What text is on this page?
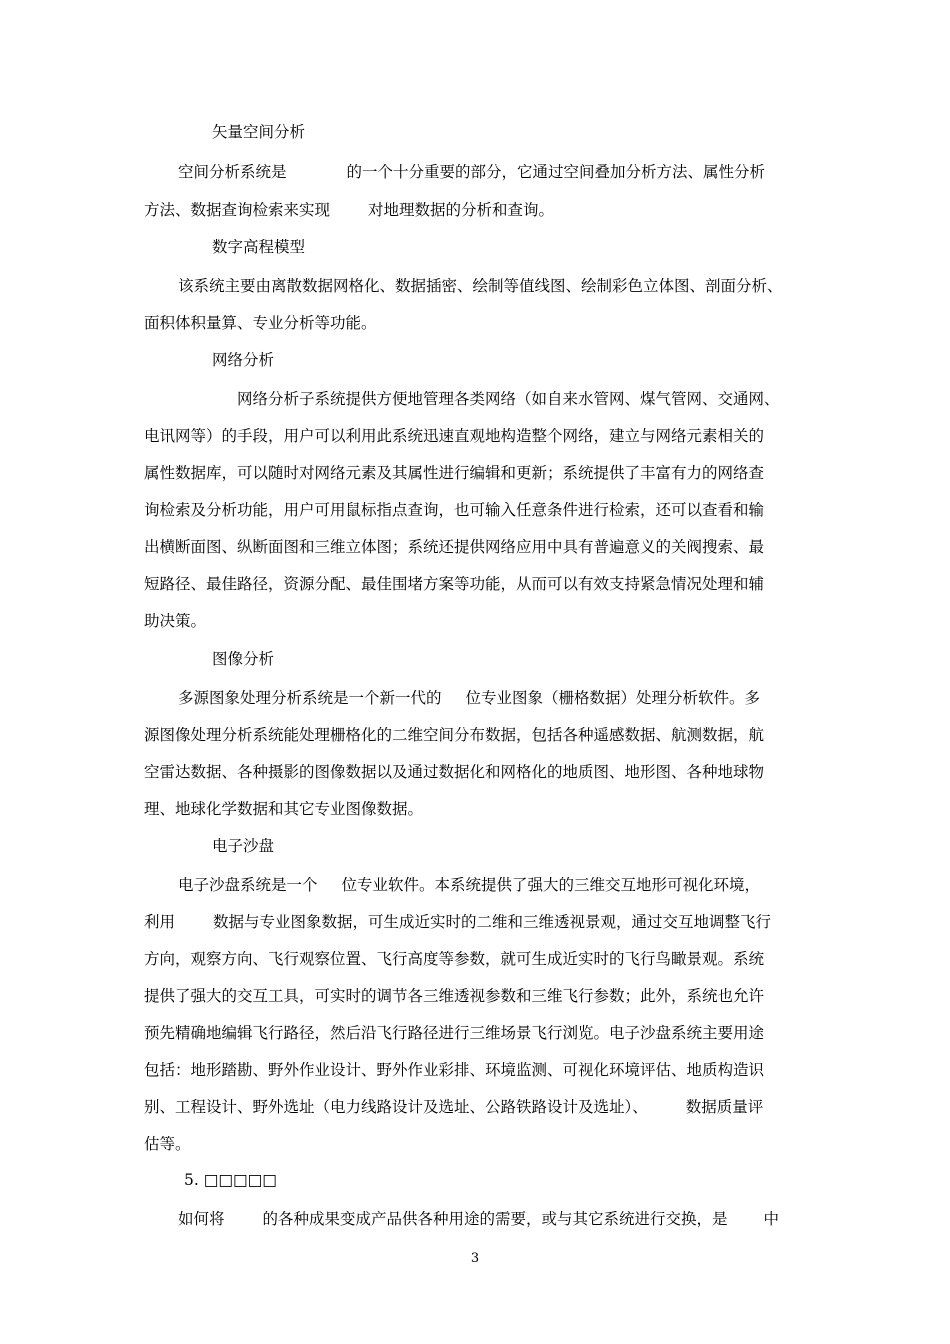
矢量空间分析
空间分析系统是	的一个十分重要的部分，它通过空间叠加分析方法、属性分析
方法、数据查询检索来实现 对地理数据的分析和查询。
数字高程模型
该系统主要由离散数据网格化、数据插密、绘制等值线图、绘制彩色立体图、剖面分析、
面积体积量算、专业分析等功能。
网络分析
网络分析子系统提供方便地管理各类网络（如自来水管网、煤气管网、交通网、
电讯网等）的手段，用户可以利用此系统迅速直观地构造整个网络，建立与网络元素相关的
属性数据库，可以随时对网络元素及其属性进行编辑和更新；系统提供了丰富有力的网络查
询检索及分析功能，用户可用鼠标指点查询，也可输入任意条件进行检索，还可以查看和输
出横断面图、纵断面图和三维立体图；系统还提供网络应用中具有普遍意义的关阀搜索、最
短路径、最佳路径，资源分配、最佳围堵方案等功能，从而可以有效支持紧急情况处理和辅
助决策。
图像分析
多源图象处理分析系统是一个新一代的 位专业图象（栅格数据）处理分析软件。多
源图像处理分析系统能处理栅格化的二维空间分布数据，包括各种遥感数据、航测数据，航
空雷达数据、各种摄影的图像数据以及通过数据化和网格化的地质图、地形图、各种地球物
理、地球化学数据和其它专业图像数据。
电子沙盘
电子沙盘系统是一个 位专业软件。本系统提供了强大的三维交互地形可视化环境，
利用 数据与专业图象数据，可生成近实时的二维和三维透视景观，通过交互地调整飞行
方向，观察方向、飞行观察位置、飞行高度等参数，就可生成近实时的飞行鸟瞰景观。系统
提供了强大的交互工具，可实时的调节各三维透视参数和三维飞行参数；此外，系统也允许
预先精确地编辑飞行路径，然后沿飞行路径进行三维场景飞行浏览。电子沙盘系统主要用途
包括：地形踏勘、野外作业设计、野外作业彩排、环境监测、可视化环境评估、地质构造识
别、工程设计、野外选址（电力线路设计及选址、公路铁路设计及选址）、 数据质量评
估等。
5. □□□□□
如何将 的各种成果变成产品供各种用途的需要，或与其它系统进行交换，是 中
3
